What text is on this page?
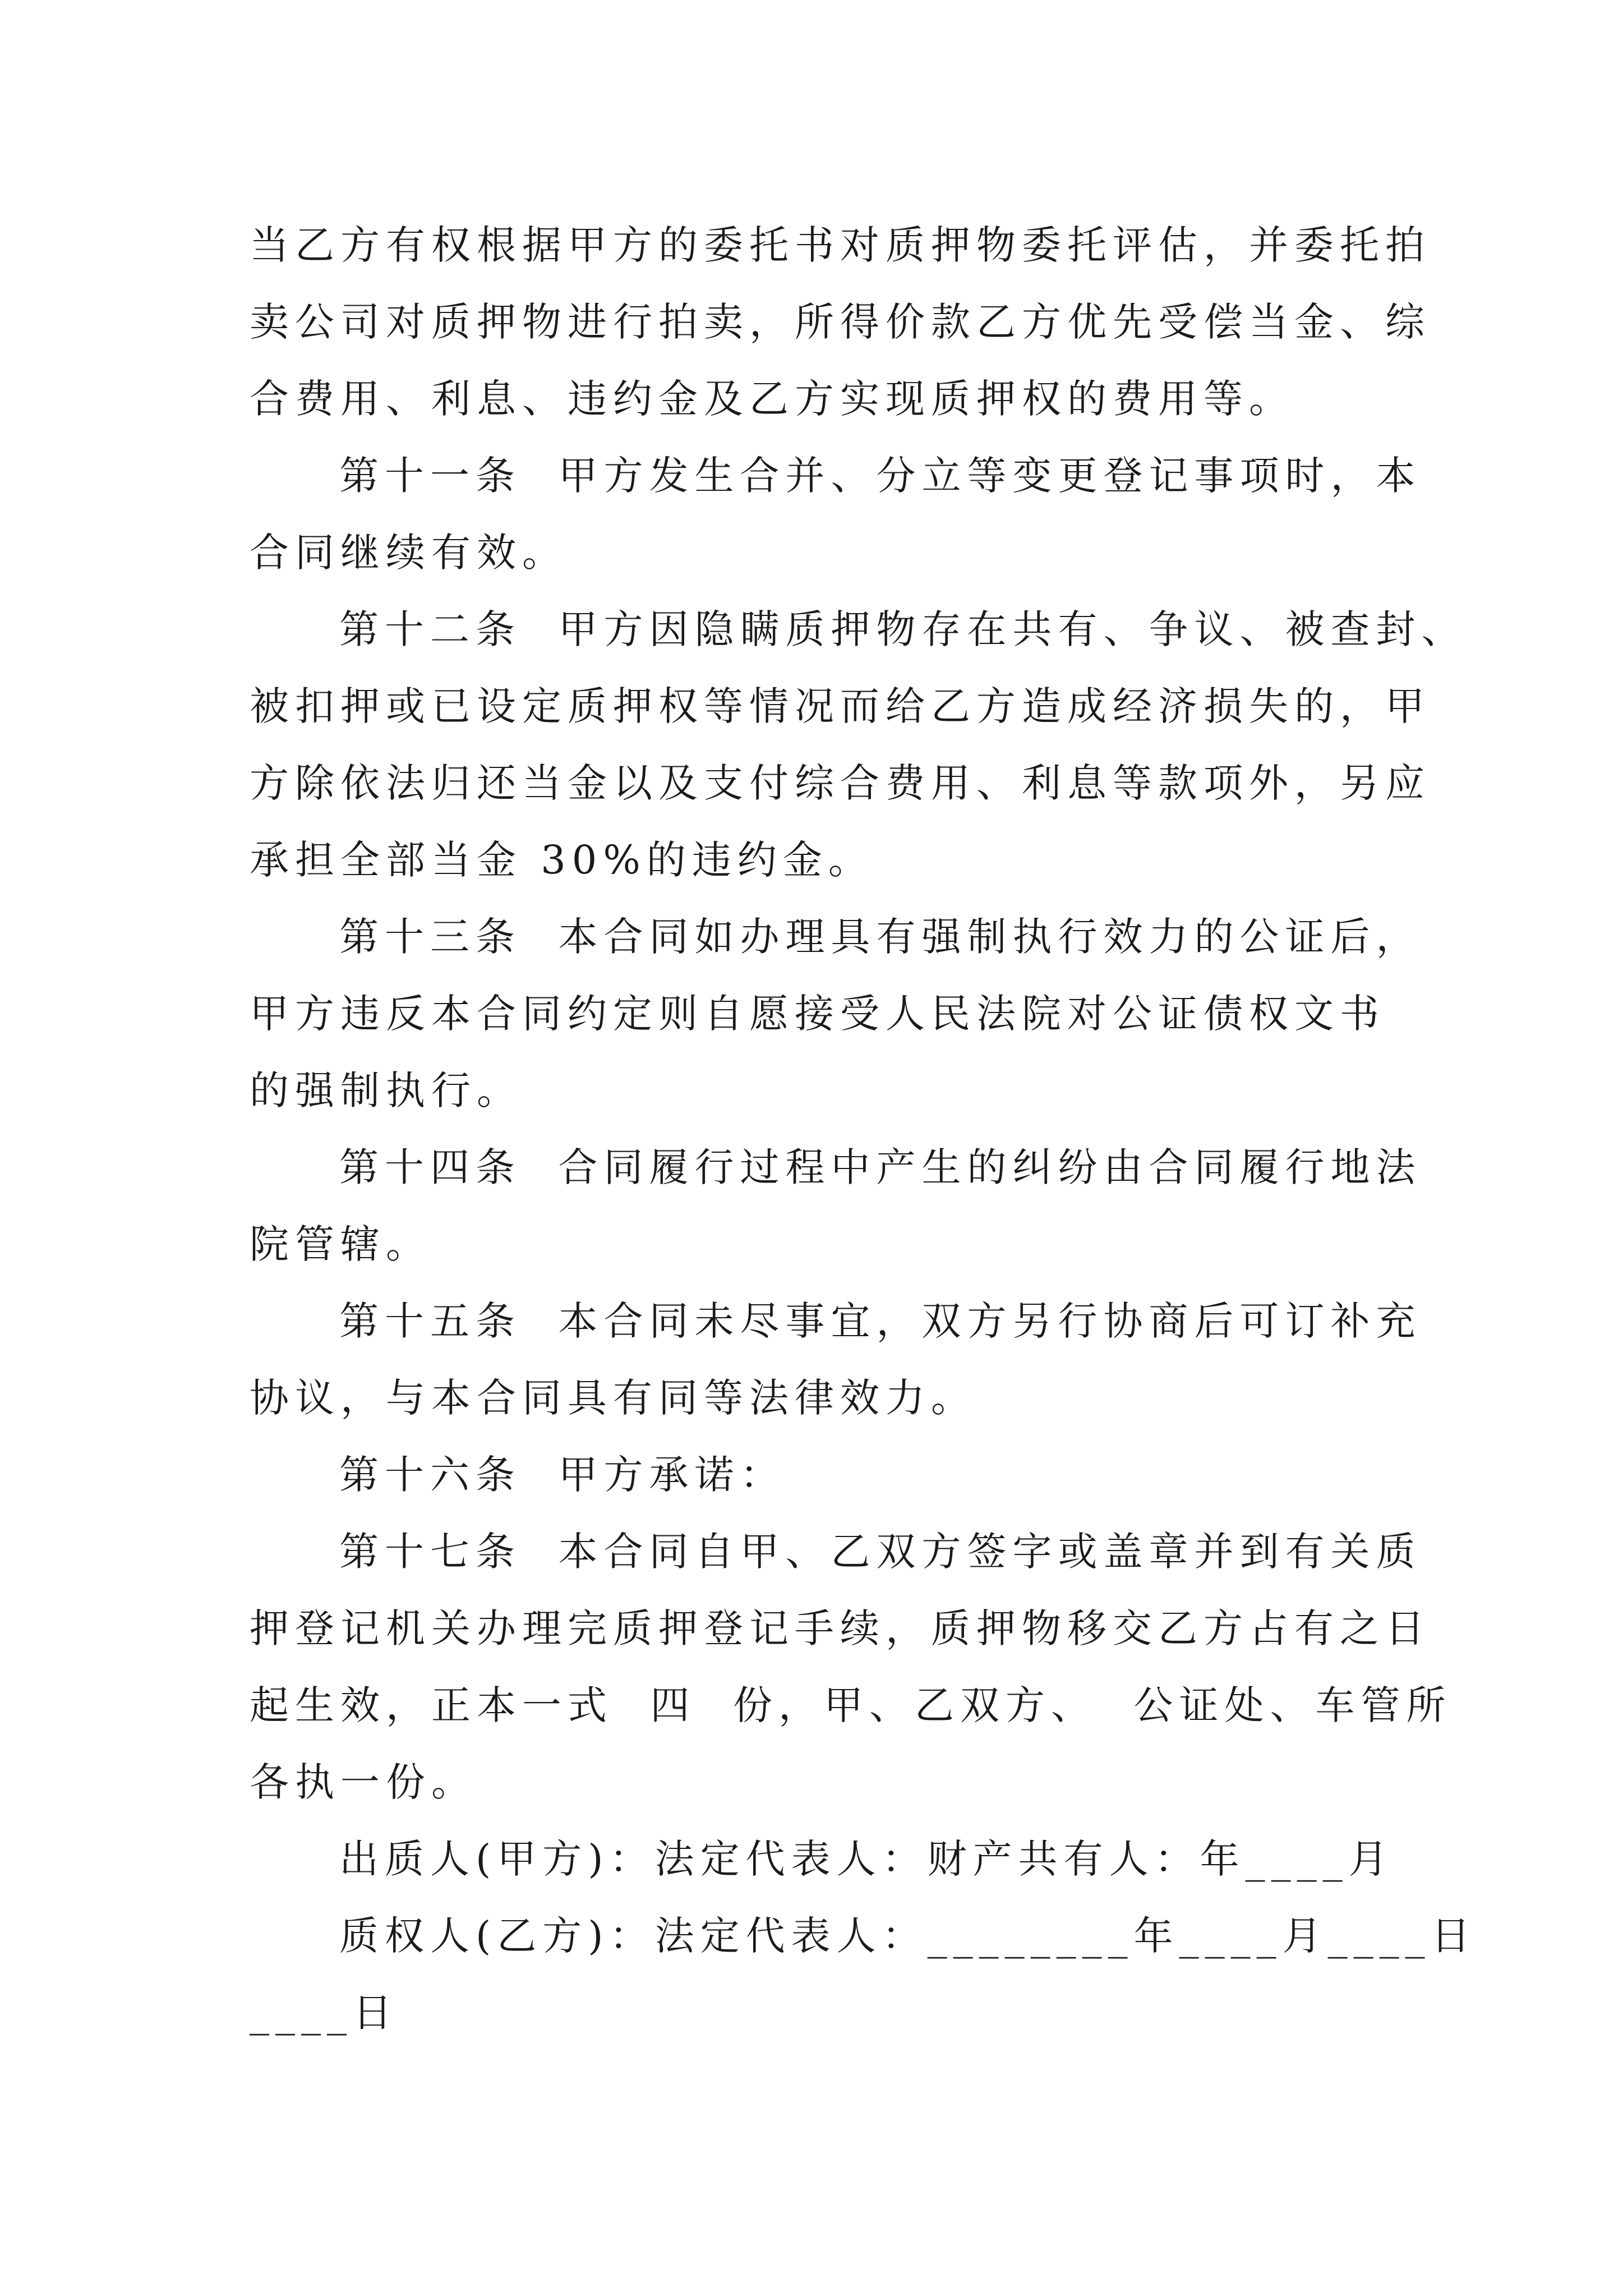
当乙方有权根据甲方的委托书对质押物委托评估，并委托拍
卖公司对质押物进行拍卖，所得价款乙方优先受偿当金、综
合费用、利息、违约金及乙方实现质押权的费用等。
第十一条  甲方发生合并、分立等变更登记事项时，本
合同继续有效。
第十二条  甲方因隐瞒质押物存在共有、争议、被查封、
被扣押或已设定质押权等情况而给乙方造成经济损失的，甲
方除依法归还当金以及支付综合费用、利息等款项外，另应
承担全部当金 30%的违约金。
第十三条  本合同如办理具有强制执行效力的公证后，
甲方违反本合同约定则自愿接受人民法院对公证债权文书
的强制执行。
第十四条  合同履行过程中产生的纠纷由合同履行地法
院管辖。
第十五条  本合同未尽事宜，双方另行协商后可订补充
协议，与本合同具有同等法律效力。
第十六条  甲方承诺：
第十七条  本合同自甲、乙双方签字或盖章并到有关质
押登记机关办理完质押登记手续，质押物移交乙方占有之日
起生效，正本一式  四  份，甲、乙双方、  公证处、车管所
各执一份。
出质人(甲方)：法定代表人：财产共有人：年____月
质权人(乙方)：法定代表人：________年____月____日
____日
